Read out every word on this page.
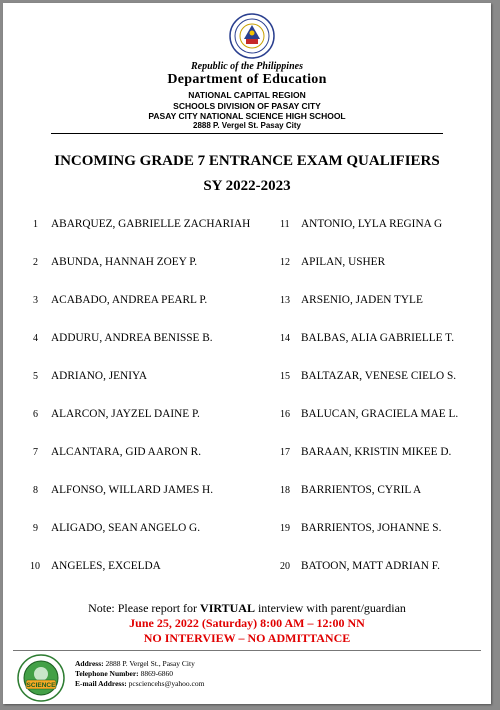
Republic of the Philippines
Department of Education
NATIONAL CAPITAL REGION
SCHOOLS DIVISION OF PASAY CITY
PASAY CITY NATIONAL SCIENCE HIGH SCHOOL
2888 P. Vergel St. Pasay City
INCOMING GRADE 7 ENTRANCE EXAM QUALIFIERS
SY 2022-2023
1 ABARQUEZ, GABRIELLE ZACHARIAH
2 ABUNDA, HANNAH ZOEY P.
3 ACABADO, ANDREA PEARL P.
4 ADDURU, ANDREA BENISSE B.
5 ADRIANO, JENIYA
6 ALARCON, JAYZEL DAINE P.
7 ALCANTARA, GID AARON R.
8 ALFONSO, WILLARD JAMES H.
9 ALIGADO, SEAN ANGELO G.
10 ANGELES, EXCELDA
11 ANTONIO, LYLA REGINA G
12 APILAN, USHER
13 ARSENIO, JADEN TYLE
14 BALBAS, ALIA GABRIELLE T.
15 BALTAZAR, VENESE CIELO S.
16 BALUCAN, GRACIELA MAE L.
17 BARAAN, KRISTIN MIKEE D.
18 BARRIENTOS, CYRIL A
19 BARRIENTOS, JOHANNE S.
20 BATOON, MATT ADRIAN F.
Note: Please report for VIRTUAL interview with parent/guardian
June 25, 2022 (Saturday) 8:00 AM – 12:00 NN
NO INTERVIEW – NO ADMITTANCE
SCIENCE
Address: 2888 P. Vergel St., Pasay City
Telephone Number: 8869-6860
E-mail Address: pcsciencehs@yahoo.com
